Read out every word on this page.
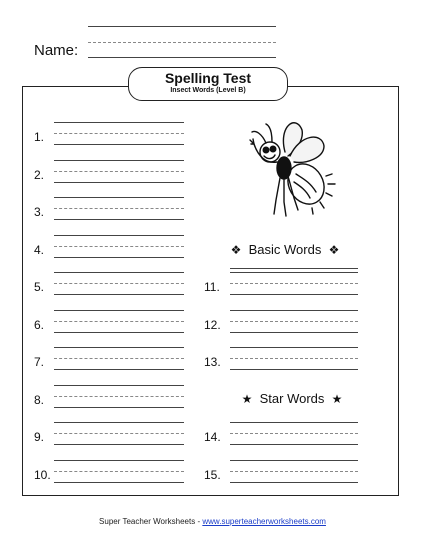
Name:
Spelling Test
Insect Words (Level B)
1.
2.
3.
4.
5.
6.
7.
8.
9.
10.
❖ Basic Words ❖
11.
12.
13.
★ Star Words ★
14.
15.
Super Teacher Worksheets - www.superteacherworksheets.com
